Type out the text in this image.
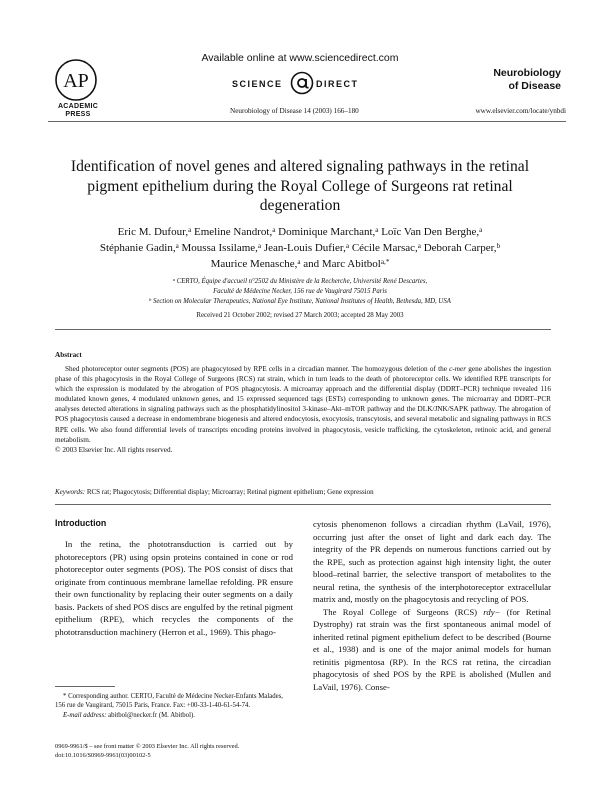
AP
ACADEMIC
PRESS
Available online at www.sciencedirect.com
SCIENCE	DIRECT
Neurobiology of Disease 14 (2003) 166–180
Neurobiology
of Disease
www.elsevier.com/locate/ynbdi
Identification of novel genes and altered signaling pathways in the retinal pigment epithelium during the Royal College of Surgeons rat retinal degeneration
Eric M. Dufour,$^a$ Emeline Nandrot,$^a$ Dominique Marchant,$^a$ Loïc Van Den Berghe,$^a$
Stéphanie Gadin,$^a$ Moussa Issilame,$^a$ Jean-Louis Dufier,$^a$ Cécile Marsac,$^a$ Deborah Carper,$^b$
Maurice Menasche,$^a$ and Marc Abitbol$^{a,*}$
$^a$ CERTO, Équipe d'accueil n°2502 du Ministère de la Recherche, Université René Descartes,
Faculté de Médecine Necker, 156 rue de Vaugirard 75015 Paris
$^b$ Section on Molecular Therapeutics, National Eye Institute, National Institutes of Health, Bethesda, MD, USA
Received 21 October 2002; revised 27 March 2003; accepted 28 May 2003
Abstract
Shed photoreceptor outer segments (POS) are phagocytosed by RPE cells in a circadian manner. The homozygous deletion of the c-mer gene abolishes the ingestion phase of this phagocytosis in the Royal College of Surgeons (RCS) rat strain, which in turn leads to the death of photoreceptor cells. We identified RPE transcripts for which the expression is modulated by the abrogation of POS phagocytosis. A microarray approach and the differential display (DDRT–PCR) technique revealed 116 modulated known genes, 4 modulated unknown genes, and 15 expressed sequenced tags (ESTs) corresponding to unknown genes. The microarray and DDRT–PCR analyses detected alterations in signaling pathways such as the phosphatidylinositol 3-kinase–Akt–mTOR pathway and the DLK/JNK/SAPK pathway. The abrogation of POS phagocytosis caused a decrease in endomembrane biogenesis and altered endocytosis, exocytosis, transcytosis, and several metabolic and signaling pathways in RCS RPE cells. We also found differential levels of transcripts encoding proteins involved in phagocytosis, vesicle trafficking, the cytoskeleton, retinoic acid, and general metabolism.
© 2003 Elsevier Inc. All rights reserved.
Keywords: RCS rat; Phagocytosis; Differential display; Microarray; Retinal pigment epithelium; Gene expression
Introduction

In the retina, the phototransduction is carried out by photoreceptors (PR) using opsin proteins contained in cone or rod photoreceptor outer segments (POS). The POS consist of discs that originate from continuous membrane lamellae refolding. PR ensure their own functionality by replacing their outer segments on a daily basis. Packets of shed POS discs are engulfed by the retinal pigment epithelium (RPE), which recycles the components of the phototransduction machinery (Herron et al., 1969). This phago-

cytosis phenomenon follows a circadian rhythm (LaVail, 1976), occurring just after the onset of light and dark each day. The integrity of the PR depends on numerous functions carried out by the RPE, such as protection against high intensity light, the outer blood–retinal barrier, the selective transport of metabolites to the neural retina, the synthesis of the interphotoreceptor extracellular matrix and, mostly on the phagocytosis and recycling of POS.

The Royal College of Surgeons (RCS) rdy− (for Retinal Dystrophy) rat strain was the first spontaneous animal model of inherited retinal pigment epithelium defect to be described (Bourne et al., 1938) and is one of the major animal models for human retinitis pigmentosa (RP). In the RCS rat retina, the circadian phagocytosis of shed POS by the RPE is abolished (Mullen and LaVail, 1976). Conse-

* Corresponding author. CERTO, Faculté de Médecine Necker-Enfants Malades, 156 rue de Vaugirard, 75015 Paris, France. Fax: +00-33-1-40-61-54-74.
E-mail address: abitbol@necker.fr (M. Abitbol).
0969-9961/$ – see front matter © 2003 Elsevier Inc. All rights reserved.
doi:10.1016/S0969-9961(03)00102-5
